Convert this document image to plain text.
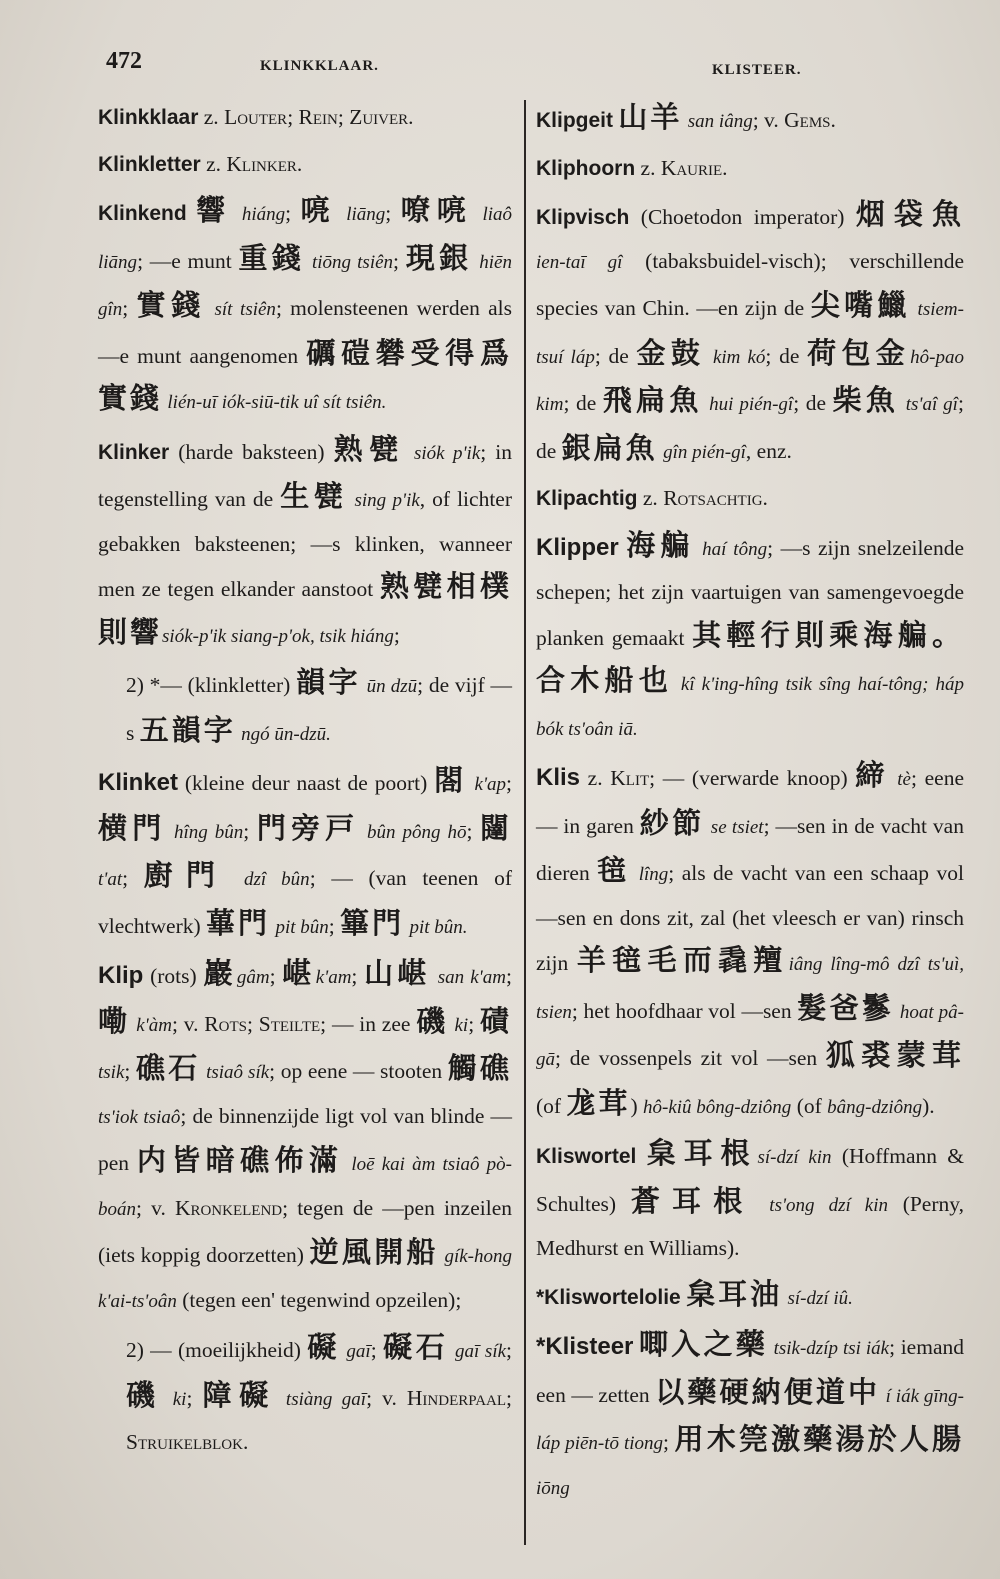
472	KLINKKLAAR.	KLISTEER.

Klinkklaar z. Louter; Rein; Zuiver.

Klinkletter z. Klinker.

Klinkend 響 hiáng; 喨 liāng; 嘹喨 liaô liāng; —e munt 重錢 tiōng tsiên; 現銀 hiēn gîn; 實錢 sít tsiên; molensteenen werden als —e munt aangenomen 礪磑礬受得爲實錢 lién-uī iók-siū-tik uî sít tsiên.

Klinker (harde baksteen) 熟甓 siók p'ik; in tegenstelling van de 生甓 sing p'ik, of lichter gebakken baksteenen; —s klinken, wanneer men ze tegen elkander aanstoot 熟甓相樸則響siók-p'ik siang-p'ok, tsik hiáng;

2) *— (klinkletter) 韻字 ūn dzū; de vijf —s 五韻字 ngó ūn-dzū.

Klinket (kleine deur naast de poort) 閤 k'ap; 横門 hîng bûn; 門旁戸 bûn pông hō; 闥 t'at; 廚門 dzî bûn; — (van teenen of vlechtwerk) 蓽門 pit bûn; 篳門 pit bûn.

Klip (rots) 巖gâm; 嵁k'am; 山嵁 san k'am; 嘞 k'àm; v. Rots; Steilte; — in zee 磯 ki; 磧 tsik; 礁石 tsiaô sík; op eene — stooten 觸礁 ts'iok tsiaô; de binnenzijde ligt vol van blinde —pen 内皆暗礁佈滿 loē kai àm tsiaô pò-boán; v. Kronkelend; tegen de —pen inzeilen (iets koppig doorzetten) 逆風開船 gík-hong k'ai-ts'oân (tegen een' tegenwind opzeilen);

2) — (moeilijkheid) 礙 gaī; 礙石 gaī sík; 磯 ki; 障礙 tsiàng gaī; v. Hinderpaal; Struikelblok.

Klipgeit 山羊 san iâng; v. Gems.

Kliphoorn z. Kaurie.

Klipvisch (Choetodon imperator) 烟袋魚 ien-taī gî (tabaksbuidel-visch); verschillende species van Chin. —en zijn de 尖嘴鱲 tsiem-tsuí láp; de 金鼓 kim kó; de 荷包金hô-pao kim; de 飛扁魚 hui pién-gî; de 柴魚 ts'aî gî; de 銀扁魚 gîn pién-gî, enz.

Klipachtig z. Rotsachtig.

Klipper 海艑 haí tông; —s zijn snelzeilende schepen; het zijn vaartuigen van samengevoegde planken gemaakt 其輕行則乘海艑。合木船也 kî k'ing-hîng tsik sîng haí-tông; háp bók ts'oân iā.

Klis z. Klit; — (verwarde knoop) 締 tè; eene — in garen 紗節 se tsiet; —sen in de vacht van dieren 毰 lîng; als de vacht van een schaap vol —sen en dons zit, zal (het vleesch er van) rinsch zijn 羊毰毛而毳羶iâng lîng-mô dzî ts'uì, tsien; het hoofdhaar vol —sen 髮爸鬖 hoat pâ-gā; de vossenpels zit vol —sen 狐裘蒙茸 (of 尨茸) hô-kiû bông-dziông (of bâng-dziông).

Kliswortel 枲耳根sí-dzí kin (Hoffmann & Schultes) 蒼耳根 ts'ong dzí kin (Perny, Medhurst en Williams).

*Kliswortelolie 枲耳油 sí-dzí iû.

*Klisteer 唧入之藥 tsik-dzíp tsi iák; iemand een — zetten 以藥硬納便道中 í iák gīng-láp piēn-tō tiong; 用木筦激藥湯於人腸 iōng
